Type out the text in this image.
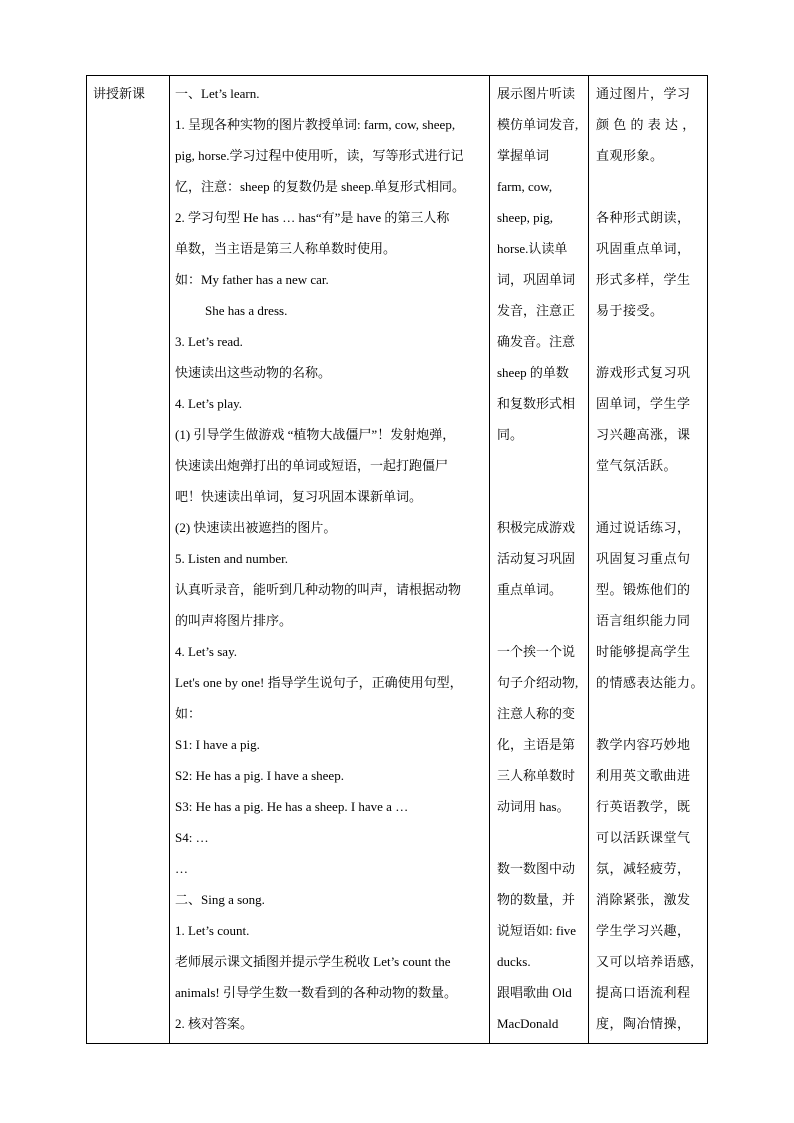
讲授新课	一、Let’s learn.
1. 呈现各种实物的图片教授单词: farm, cow, sheep,
pig, horse.学习过程中使用听，读，写等形式进行记
忆，注意：sheep 的复数仍是 sheep.单复形式相同。
2. 学习句型 He has … has“有”是 have 的第三人称
单数，当主语是第三人称单数时使用。
如：My father has a new car.
She has a dress.
3. Let’s read.
快速读出这些动物的名称。
4. Let’s play.
(1) 引导学生做游戏 “植物大战僵尸”！发射炮弹，
快速读出炮弹打出的单词或短语，一起打跑僵尸
吧！快速读出单词，复习巩固本课新单词。
(2) 快速读出被遮挡的图片。
5. Listen and number.
认真听录音，能听到几种动物的叫声，请根据动物
的叫声将图片排序。
4. Let’s say.
Let's one by one! 指导学生说句子，正确使用句型，
如：
S1: I have a pig.
S2: He has a pig. I have a sheep.
S3: He has a pig. He has a sheep. I have a …
S4: …
…
二、Sing a song.
1. Let’s count.
老师展示课文插图并提示学生税收 Let’s count the
animals! 引导学生数一数看到的各种动物的数量。
2. 核对答案。
展示图片听读
模仿单词发音,
掌握单词
farm, cow,
sheep, pig,
horse.认读单
词，巩固单词
发音，注意正
确发音。注意
sheep 的单数
和复数形式相
同。
积极完成游戏
活动复习巩固
重点单词。
一个挨一个说
句子介绍动物,
注意人称的变
化，主语是第
三人称单数时
动词用 has。
数一数图中动
物的数量，并
说短语如: five
ducks.
跟唱歌曲 Old
MacDonald
通过图片，学习
颜 色 的 表 达 ，
直观形象。
各种形式朗读，
巩固重点单词，
形式多样，学生
易于接受。
游戏形式复习巩
固单词，学生学
习兴趣高涨，课
堂气氛活跃。
通过说话练习，
巩固复习重点句
型。锻炼他们的
语言组织能力同
时能够提高学生
的情感表达能力。
教学内容巧妙地
利用英文歌曲进
行英语教学，既
可以活跃课堂气
氛，减轻疲劳，
消除紧张，激发
学生学习兴趣，
又可以培养语感,
提高口语流利程
度，陶冶情操，
